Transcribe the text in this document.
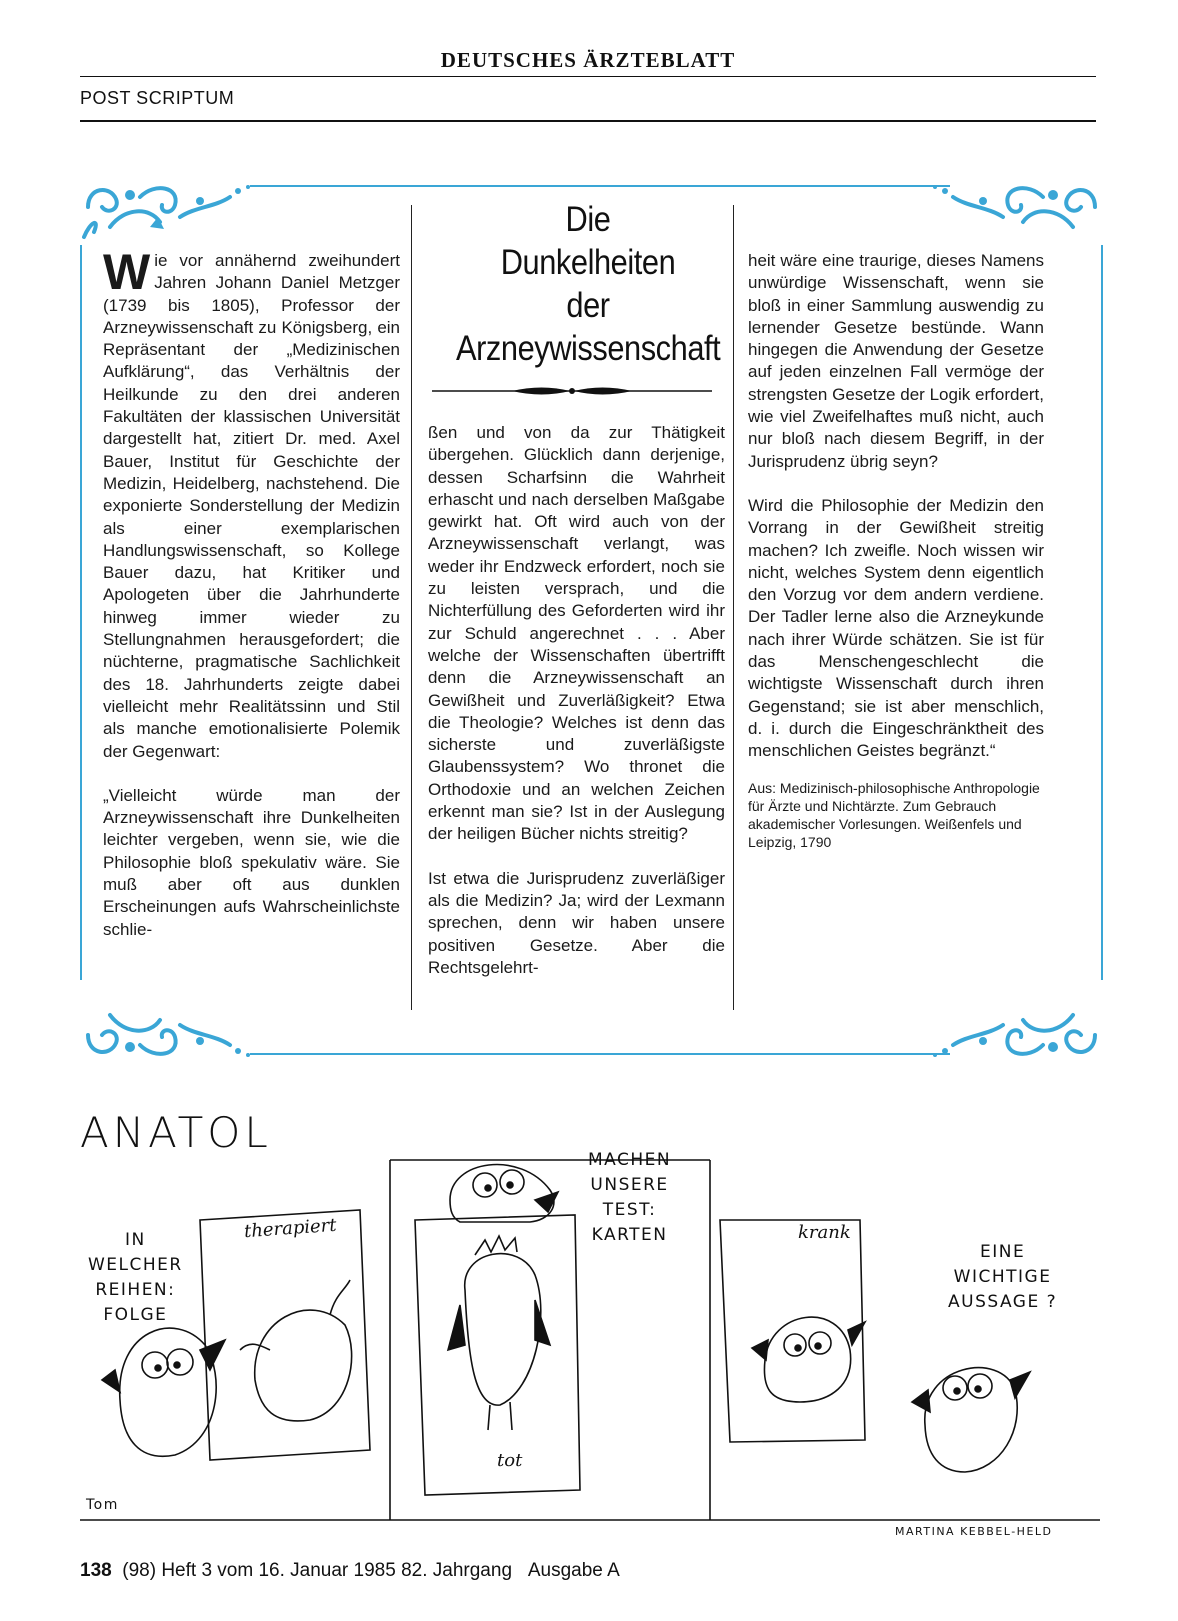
DEUTSCHES ÄRZTEBLATT
POST SCRIPTUM

Wie vor annähernd zweihundert Jahren Johann Daniel Metzger (1739 bis 1805), Professor der Arzneywissenschaft zu Königsberg, ein Repräsentant der „Medizinischen Aufklärung“, das Verhältnis der Heilkunde zu den drei anderen Fakultäten der klassischen Universität dargestellt hat, zitiert Dr. med. Axel Bauer, Institut für Geschichte der Medizin, Heidelberg, nachstehend. Die exponierte Sonderstellung der Medizin als einer exemplarischen Handlungswissenschaft, so Kollege Bauer dazu, hat Kritiker und Apologeten über die Jahrhunderte hinweg immer wieder zu Stellungnahmen herausgefordert; die nüchterne, pragmatische Sachlichkeit des 18. Jahrhunderts zeigte dabei vielleicht mehr Realitätssinn und Stil als manche emotionalisierte Polemik der Gegenwart:

„Vielleicht würde man der Arzneywissenschaft ihre Dunkelheiten leichter vergeben, wenn sie, wie die Philosophie bloß spekulativ wäre. Sie muß aber oft aus dunklen Erscheinungen aufs Wahrscheinlichste schlie-

Die
Dunkelheiten
der
Arzneywissenschaft

ßen und von da zur Thätigkeit übergehen. Glücklich dann derjenige, dessen Scharfsinn die Wahrheit erhascht und nach derselben Maßgabe gewirkt hat. Oft wird auch von der Arzneywissenschaft verlangt, was weder ihr Endzweck erfordert, noch sie zu leisten versprach, und die Nichterfüllung des Geforderten wird ihr zur Schuld angerechnet . . . Aber welche der Wissenschaften übertrifft denn die Arzneywissenschaft an Gewißheit und Zuverläßigkeit? Etwa die Theologie? Welches ist denn das sicherste und zuverläßigste Glaubenssystem? Wo thronet die Orthodoxie und an welchen Zeichen erkennt man sie? Ist in der Auslegung der heiligen Bücher nichts streitig?

Ist etwa die Jurisprudenz zuverläßiger als die Medizin? Ja; wird der Lexmann sprechen, denn wir haben unsere positiven Gesetze. Aber die Rechtsgelehrt-

heit wäre eine traurige, dieses Namens unwürdige Wissenschaft, wenn sie bloß in einer Sammlung auswendig zu lernender Gesetze bestünde. Wann hingegen die Anwendung der Gesetze auf jeden einzelnen Fall vermöge der strengsten Gesetze der Logik erfordert, wie viel Zweifelhaftes muß nicht, auch nur bloß nach diesem Begriff, in der Jurisprudenz übrig seyn?

Wird die Philosophie der Medizin den Vorrang in der Gewißheit streitig machen? Ich zweifle. Noch wissen wir nicht, welches System denn eigentlich den Vorzug vor dem andern verdiene. Der Tadler lerne also die Arzneykunde nach ihrer Würde schätzen. Sie ist für das Menschengeschlecht die wichtigste Wissenschaft durch ihren Gegenstand; sie ist aber menschlich, d. i. durch die Eingeschränktheit des menschlichen Geistes begränzt.“

Aus: Medizinisch-philosophische Anthropologie für Ärzte und Nichtärzte. Zum Gebrauch akademischer Vorlesungen. Weißenfels und Leipzig, 1790

ANATOL
IN
WELCHER
REIHEN:
FOLGE
therapiert
MACHEN
UNSERE
TEST:
KARTEN
tot
krank
EINE
WICHTIGE
AUSSAGE ?
Tom
MARTINA KEBBEL-HELD
138 (98) Heft 3 vom 16. Januar 1985 82. Jahrgang Ausgabe A
